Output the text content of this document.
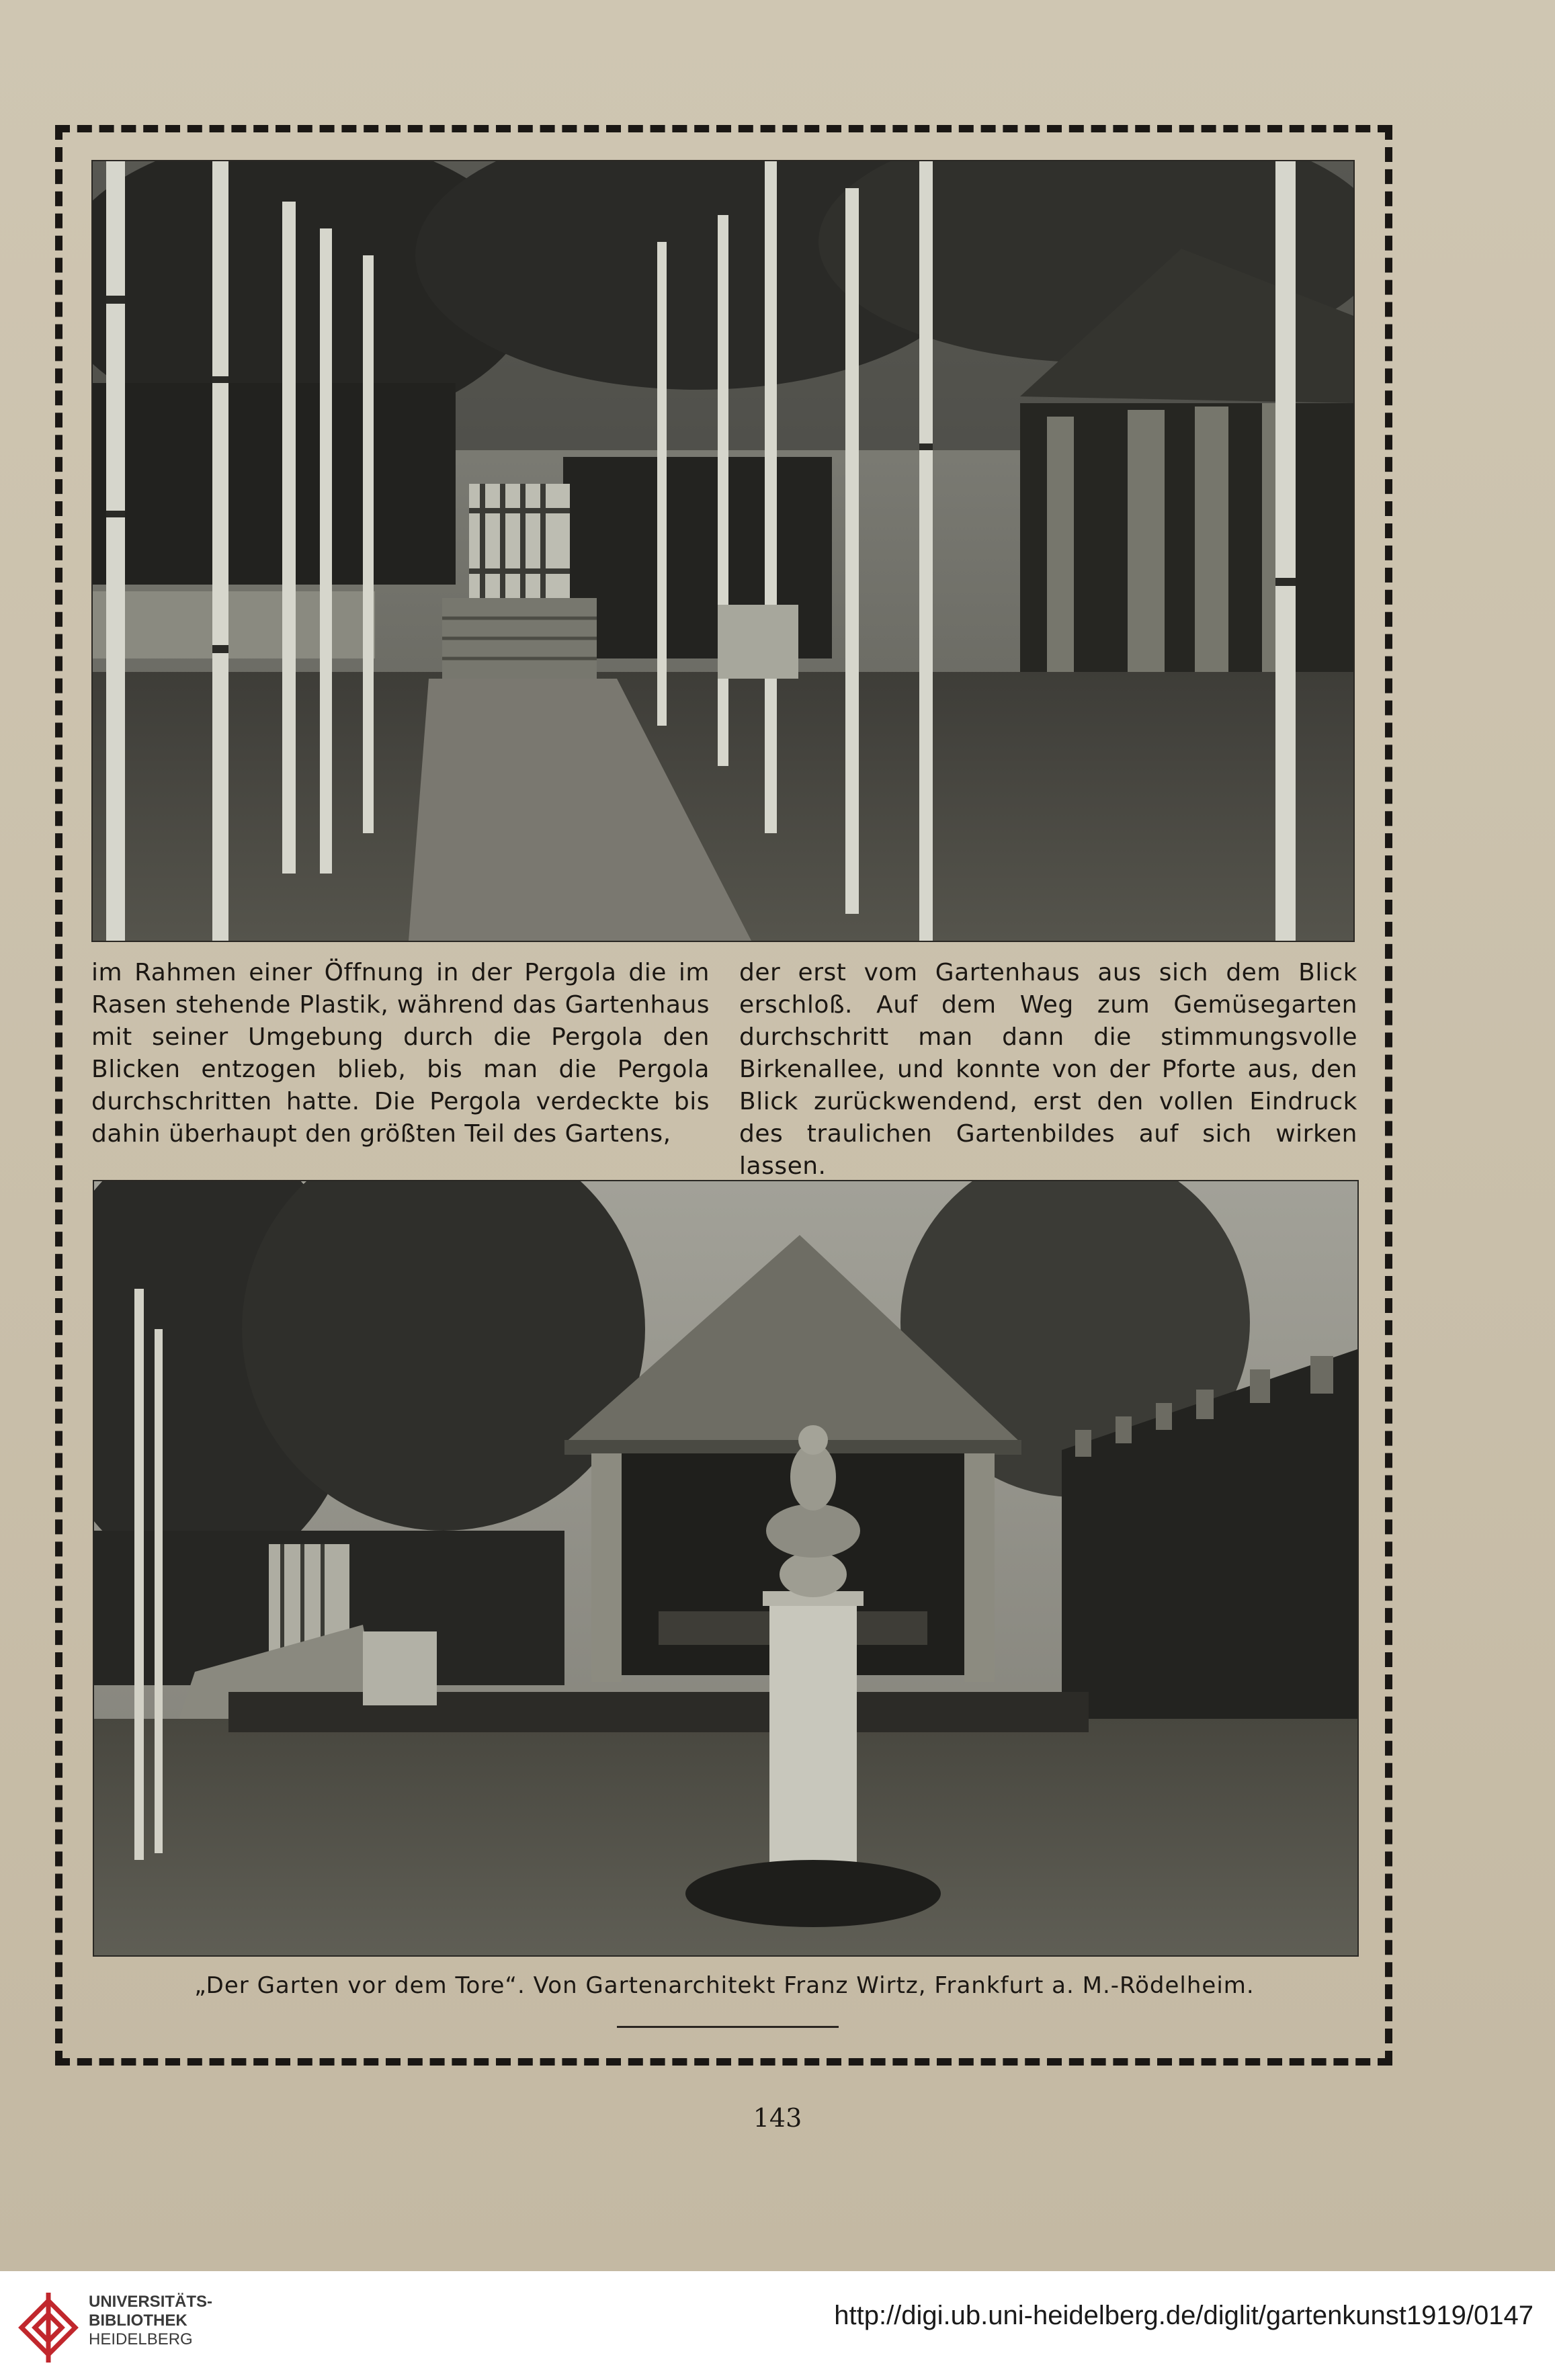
im Rahmen einer Öffnung in der Pergola die im Rasen stehende Plastik, während das Gartenhaus mit seiner Umgebung durch die Pergola den Blicken entzogen blieb, bis man die Pergola durchschritten hatte. Die Pergola verdeckte bis dahin überhaupt den größten Teil des Gartens,
der erst vom Gartenhaus aus sich dem Blick erschloß. Auf dem Weg zum Gemüsegarten durchschritt man dann die stimmungsvolle Birkenallee, und konnte von der Pforte aus, den Blick zurückwendend, erst den vollen Eindruck des traulichen Gartenbildes auf sich wirken lassen.
„Der Garten vor dem Tore“. Von Gartenarchitekt Franz Wirtz, Frankfurt a. M.-Rödelheim.
143
UNIVERSITÄTS-
BIBLIOTHEK
HEIDELBERG
http://digi.ub.uni-heidelberg.de/diglit/gartenkunst1919/0147
